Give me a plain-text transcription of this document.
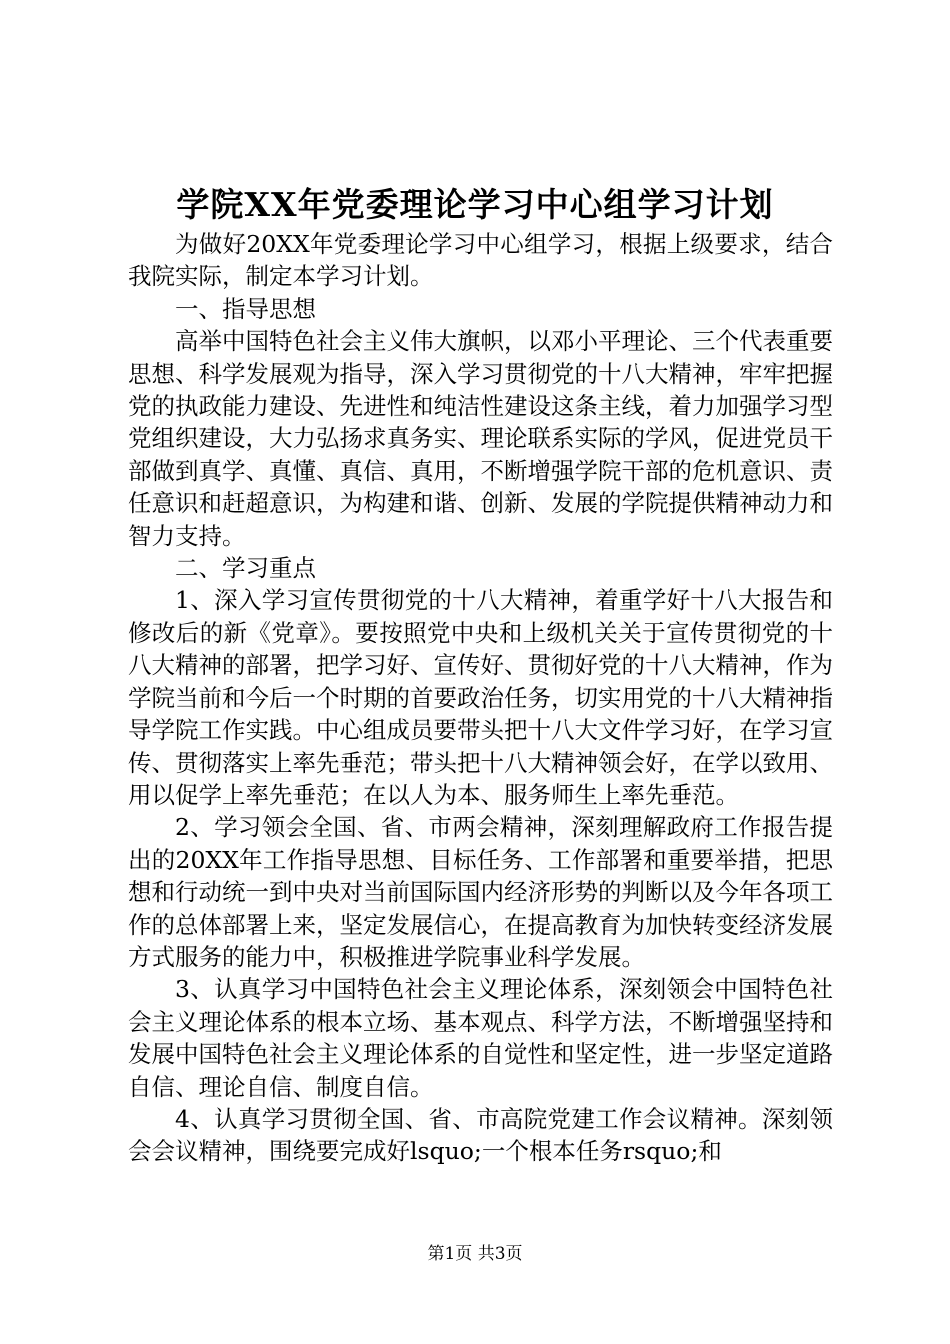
学院XX年党委理论学习中心组学习计划

为做好20XX年党委理论学习中心组学习，根据上级要求，结合我院实际，制定本学习计划。

一、指导思想

高举中国特色社会主义伟大旗帜，以邓小平理论、三个代表重要思想、科学发展观为指导，深入学习贯彻党的十八大精神，牢牢把握党的执政能力建设、先进性和纯洁性建设这条主线，着力加强学习型党组织建设，大力弘扬求真务实、理论联系实际的学风，促进党员干部做到真学、真懂、真信、真用，不断增强学院干部的危机意识、责任意识和赶超意识，为构建和谐、创新、发展的学院提供精神动力和智力支持。

二、学习重点

1、深入学习宣传贯彻党的十八大精神，着重学好十八大报告和修改后的新《党章》。要按照党中央和上级机关关于宣传贯彻党的十八大精神的部署，把学习好、宣传好、贯彻好党的十八大精神，作为学院当前和今后一个时期的首要政治任务，切实用党的十八大精神指导学院工作实践。中心组成员要带头把十八大文件学习好，在学习宣传、贯彻落实上率先垂范；带头把十八大精神领会好，在学以致用、用以促学上率先垂范；在以人为本、服务师生上率先垂范。

2、学习领会全国、省、市两会精神，深刻理解政府工作报告提出的20XX年工作指导思想、目标任务、工作部署和重要举措，把思想和行动统一到中央对当前国际国内经济形势的判断以及今年各项工作的总体部署上来，坚定发展信心，在提高教育为加快转变经济发展方式服务的能力中，积极推进学院事业科学发展。

3、认真学习中国特色社会主义理论体系，深刻领会中国特色社会主义理论体系的根本立场、基本观点、科学方法，不断增强坚持和发展中国特色社会主义理论体系的自觉性和坚定性，进一步坚定道路自信、理论自信、制度自信。

4、认真学习贯彻全国、省、市高院党建工作会议精神。深刻领会会议精神，围绕要完成好lsquo;一个根本任务rsquo;和

第1页 共3页
